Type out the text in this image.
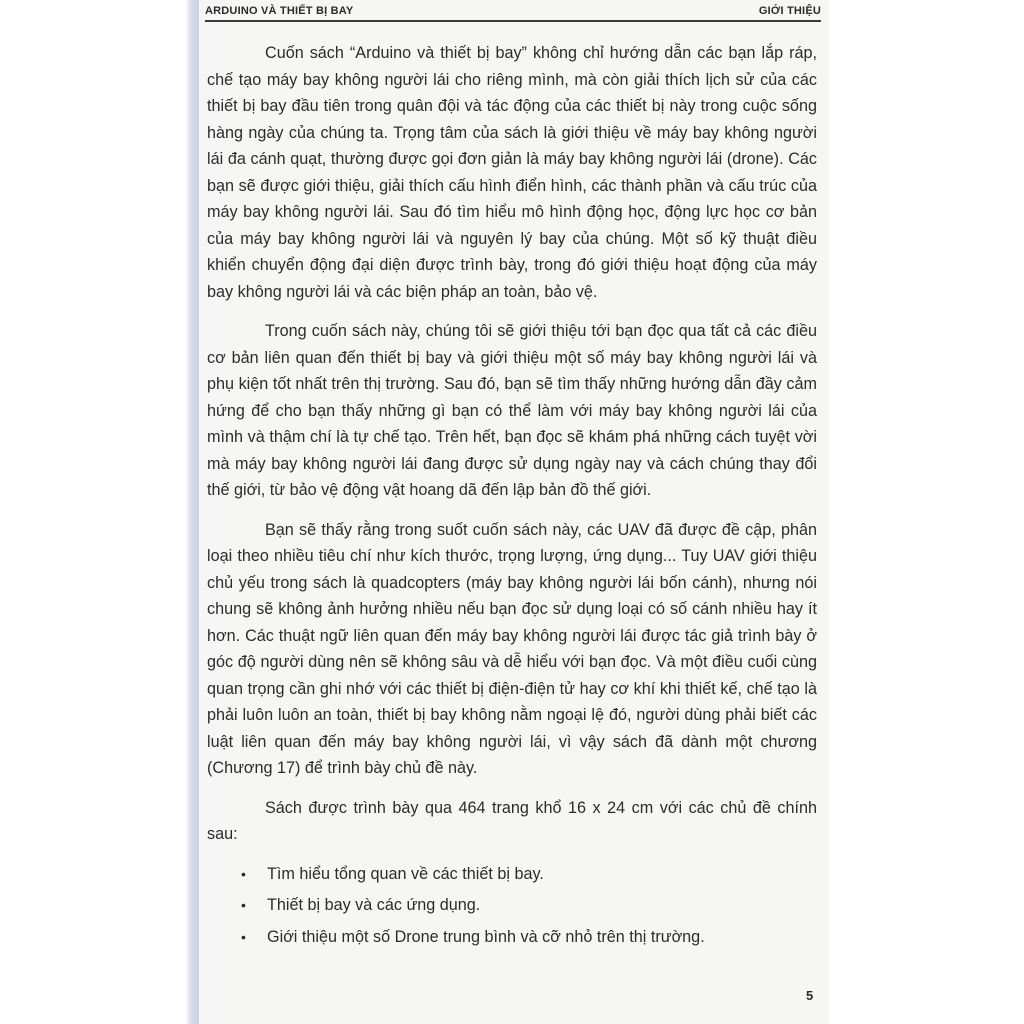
ARDUINO VÀ THIẾT BỊ BAY	GIỚI THIỆU

Cuốn sách “Arduino và thiết bị bay” không chỉ hướng dẫn các bạn lắp ráp, chế tạo máy bay không người lái cho riêng mình, mà còn giải thích lịch sử của các thiết bị bay đầu tiên trong quân đội và tác động của các thiết bị này trong cuộc sống hàng ngày của chúng ta. Trọng tâm của sách là giới thiệu về máy bay không người lái đa cánh quạt, thường được gọi đơn giản là máy bay không người lái (drone). Các bạn sẽ được giới thiệu, giải thích cấu hình điển hình, các thành phần và cấu trúc của máy bay không người lái. Sau đó tìm hiểu mô hình động học, động lực học cơ bản của máy bay không người lái và nguyên lý bay của chúng. Một số kỹ thuật điều khiển chuyển động đại diện được trình bày, trong đó giới thiệu hoạt động của máy bay không người lái và các biện pháp an toàn, bảo vệ.

Trong cuốn sách này, chúng tôi sẽ giới thiệu tới bạn đọc qua tất cả các điều cơ bản liên quan đến thiết bị bay và giới thiệu một số máy bay không người lái và phụ kiện tốt nhất trên thị trường. Sau đó, bạn sẽ tìm thấy những hướng dẫn đầy cảm hứng để cho bạn thấy những gì bạn có thể làm với máy bay không người lái của mình và thậm chí là tự chế tạo. Trên hết, bạn đọc sẽ khám phá những cách tuyệt vời mà máy bay không người lái đang được sử dụng ngày nay và cách chúng thay đổi thế giới, từ bảo vệ động vật hoang dã đến lập bản đồ thế giới.

Bạn sẽ thấy rằng trong suốt cuốn sách này, các UAV đã được đề cập, phân loại theo nhiều tiêu chí như kích thước, trọng lượng, ứng dụng... Tuy UAV giới thiệu chủ yếu trong sách là quadcopters (máy bay không người lái bốn cánh), nhưng nói chung sẽ không ảnh hưởng nhiều nếu bạn đọc sử dụng loại có số cánh nhiều hay ít hơn. Các thuật ngữ liên quan đến máy bay không người lái được tác giả trình bày ở góc độ người dùng nên sẽ không sâu và dễ hiểu với bạn đọc. Và một điều cuối cùng quan trọng cần ghi nhớ với các thiết bị điện-điện tử hay cơ khí khi thiết kế, chế tạo là phải luôn luôn an toàn, thiết bị bay không nằm ngoại lệ đó, người dùng phải biết các luật liên quan đến máy bay không người lái, vì vậy sách đã dành một chương (Chương 17) để trình bày chủ đề này.

Sách được trình bày qua 464 trang khổ 16 x 24 cm với các chủ đề chính sau:

• Tìm hiểu tổng quan về các thiết bị bay.
• Thiết bị bay và các ứng dụng.
• Giới thiệu một số Drone trung bình và cỡ nhỏ trên thị trường.
5
